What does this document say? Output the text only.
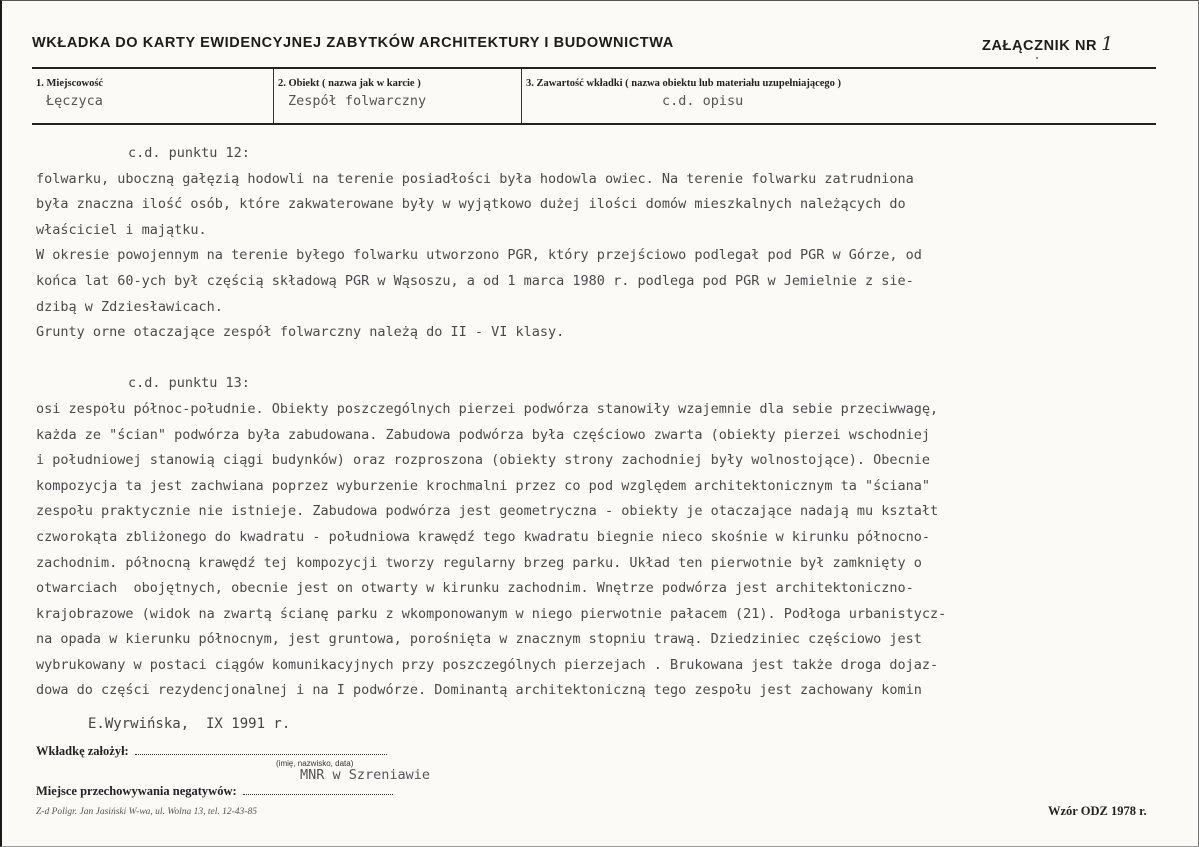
WKŁADKA DO KARTY EWIDENCYJNEJ ZABYTKÓW ARCHITEKTURY I BUDOWNICTWA	ZAŁĄCZNIK NR 1
1. Miejscowość
Łęczyca
2. Obiekt ( nazwa jak w karcie )
Zespół folwarczny
3. Zawartość wkładki ( nazwa obiektu lub materiału uzupełniającego )
c.d. opisu
c.d. punktu 12:
folwarku, uboczną gałęzią hodowli na terenie posiadłości była hodowla owiec. Na terenie folwarku zatrudniona
była znaczna ilość osób, które zakwaterowane były w wyjątkowo dużej ilości domów mieszkalnych należących do
właściciel i majątku.
W okresie powojennym na terenie byłego folwarku utworzono PGR, który przejściowo podlegał pod PGR w Górze, od
końca lat 60-ych był częścią składową PGR w Wąsoszu, a od 1 marca 1980 r. podlega pod PGR w Jemielnie z sie-
dzibą w Zdziesławicach.
Grunty orne otaczające zespół folwarczny należą do II - VI klasy.
c.d. punktu 13:
osi zespołu północ-południe. Obiekty poszczególnych pierzei podwórza stanowiły wzajemnie dla sebie przeciwwagę,
każda ze "ścian" podwórza była zabudowana. Zabudowa podwórza była częściowo zwarta (obiekty pierzei wschodniej
i południowej stanowią ciągi budynków) oraz rozproszona (obiekty strony zachodniej były wolnostojące). Obecnie
kompozycja ta jest zachwiana poprzez wyburzenie krochmalni przez co pod względem architektonicznym ta "ściana"
zespołu praktycznie nie istnieje. Zabudowa podwórza jest geometryczna - obiekty je otaczające nadają mu kształt
czworokąta zbliżonego do kwadratu - południowa krawędź tego kwadratu biegnie nieco skośnie w kirunku północno-
zachodnim. północną krawędź tej kompozycji tworzy regularny brzeg parku. Układ ten pierwotnie był zamknięty o
otwarciach  obojętnych, obecnie jest on otwarty w kirunku zachodnim. Wnętrze podwórza jest architektoniczno-
krajobrazowe (widok na zwartą ścianę parku z wkomponowanym w niego pierwotnie pałacem (21). Podłoga urbanistycz-
na opada w kierunku północnym, jest gruntowa, porośnięta w znacznym stopniu trawą. Dziedziniec częściowo jest
wybrukowany w postaci ciągów komunikacyjnych przy poszczególnych pierzejach . Brukowana jest także droga dojaz-
dowa do części rezydencjonalnej i na I podwórze. Dominantą architektoniczną tego zespołu jest zachowany komin
E.Wyrwińska,  IX 1991 r.
Wkładkę założył:
(imię, nazwisko, data)
MNR w Szreniawie
Miejsce przechowywania negatywów:
Z-d Poligr. Jan Jasiński W-wa, ul. Wolna 13, tel. 12-43-85	Wzór ODZ 1978 r.
